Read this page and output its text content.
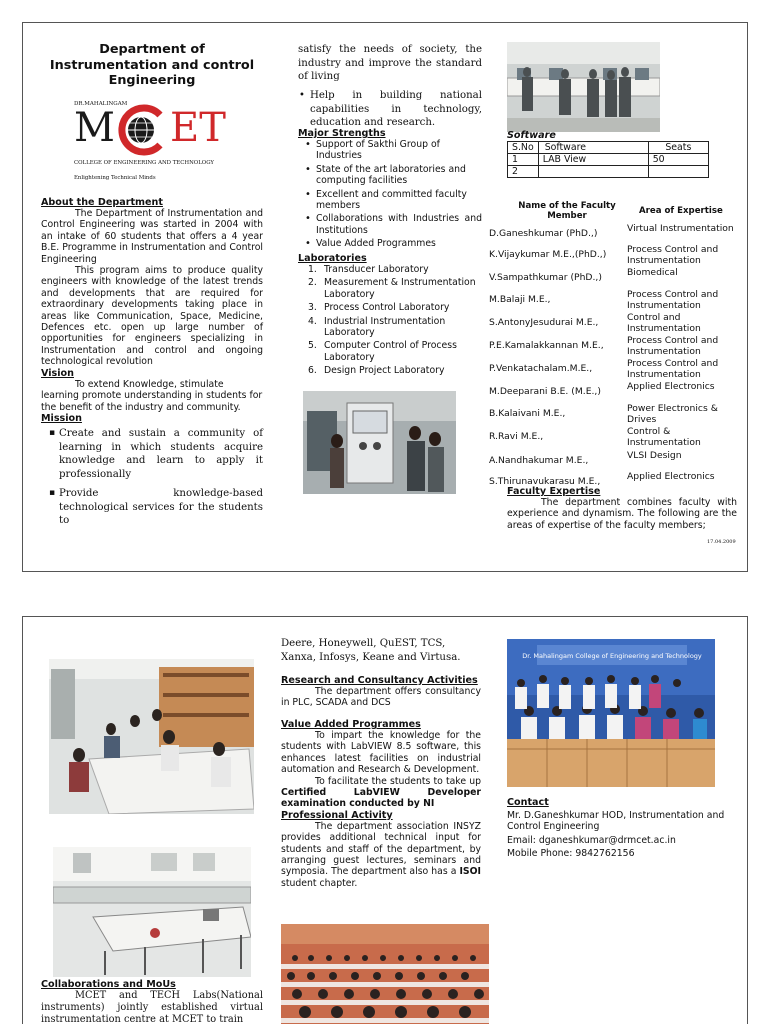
Department of Instrumentation and control Engineering
DR.MAHALINGAM
M ET
COLLEGE OF ENGINEERING AND TECHNOLOGY
Enlightening Technical Minds
About the Department

The Department of Instrumentation and Control Engineering was started in 2004 with an intake of 60 students that offers a 4 year B.E. Programme in Instrumentation and Control Engineering

This program aims to produce quality engineers with knowledge of the latest trends and developments that are required for extraordinary developments taking place in areas like Communication, Space, Medicine, Defences etc. open up large number of opportunities for engineers specializing in Instrumentation and control and ongoing technological revolution

Vision

To extend Knowledge, stimulate learning promote understanding in students for the benefit of the industry and community.

Mission
▪ Create and sustain a community of learning in which students acquire knowledge and learn to apply it professionally
▪ Provide knowledge-based technological services for the students to

satisfy the needs of society, the industry and improve the standard of living

• Help in building national capabilities in technology, education and research.
Major Strengths
• Support of Sakthi Group of Industries
• State of the art laboratories and computing facilities
• Excellent and committed faculty members
• Collaborations with Industries and Institutions
• Value Added Programmes
Laboratories
1. Transducer Laboratory
2. Measurement & Instrumentation Laboratory
3. Process Control Laboratory
4. Industrial Instrumentation Laboratory
5. Computer Control of Process Laboratory
6. Design Project Laboratory
Software
S.No	Software	Seats
1	LAB View	50
2		
Name of the Faculty Member	Area of Expertise
D.Ganeshkumar (PhD.,)	Virtual Instrumentation
K.Vijaykumar M.E.,(PhD.,) Process Control and Instrumentation
V.Sampathkumar (PhD.,)	Biomedical
M.Balaji M.E.,	Process Control and Instrumentation
S.AntonyJesudurai M.E.,	Control and Instrumentation
P.E.Kamalakkannan M.E.,	Process Control and Instrumentation
P.Venkatachalam.M.E.,	Process Control and Instrumentation
M.Deeparani B.E. (M.E.,)	Applied Electronics
B.Kalaivani M.E.,	Power Electronics & Drives
R.Ravi M.E.,	Control & Instrumentation
A.Nandhakumar M.E.,	VLSI Design
S.Thirunavukarasu M.E.,	Applied Electronics
Faculty Expertise

The department combines faculty with experience and dynamism. The following are the areas of expertise of the faculty members;

17.04.2009
Collaborations and MoUs

MCET and TECH Labs(National instruments) jointly established virtual instrumentation centre at MCET to train

Deere, Honeywell, QuEST, TCS, Xanxa, Infosys, Keane and Virtusa.

Research and Consultancy Activities

The department offers consultancy in PLC, SCADA and DCS

Value Added Programmes

To impart the knowledge for the students with LabVIEW 8.5 software, this enhances latest facilities on industrial automation and Research & Development.

To facilitate the students to take up Certified LabVIEW Developer examination conducted by NI

Professional Activity

The department association INSYZ provides additional technical input for students and staff of the department, by arranging guest lectures, seminars and symposia. The department also has a ISOI student chapter.

Dr. Mahalingam College of Engineering and Technology
Contact

Mr. D.Ganeshkumar HOD, Instrumentation and Control Engineering

Email: dganeshkumar@drmcet.ac.in

Mobile Phone: 9842762156
